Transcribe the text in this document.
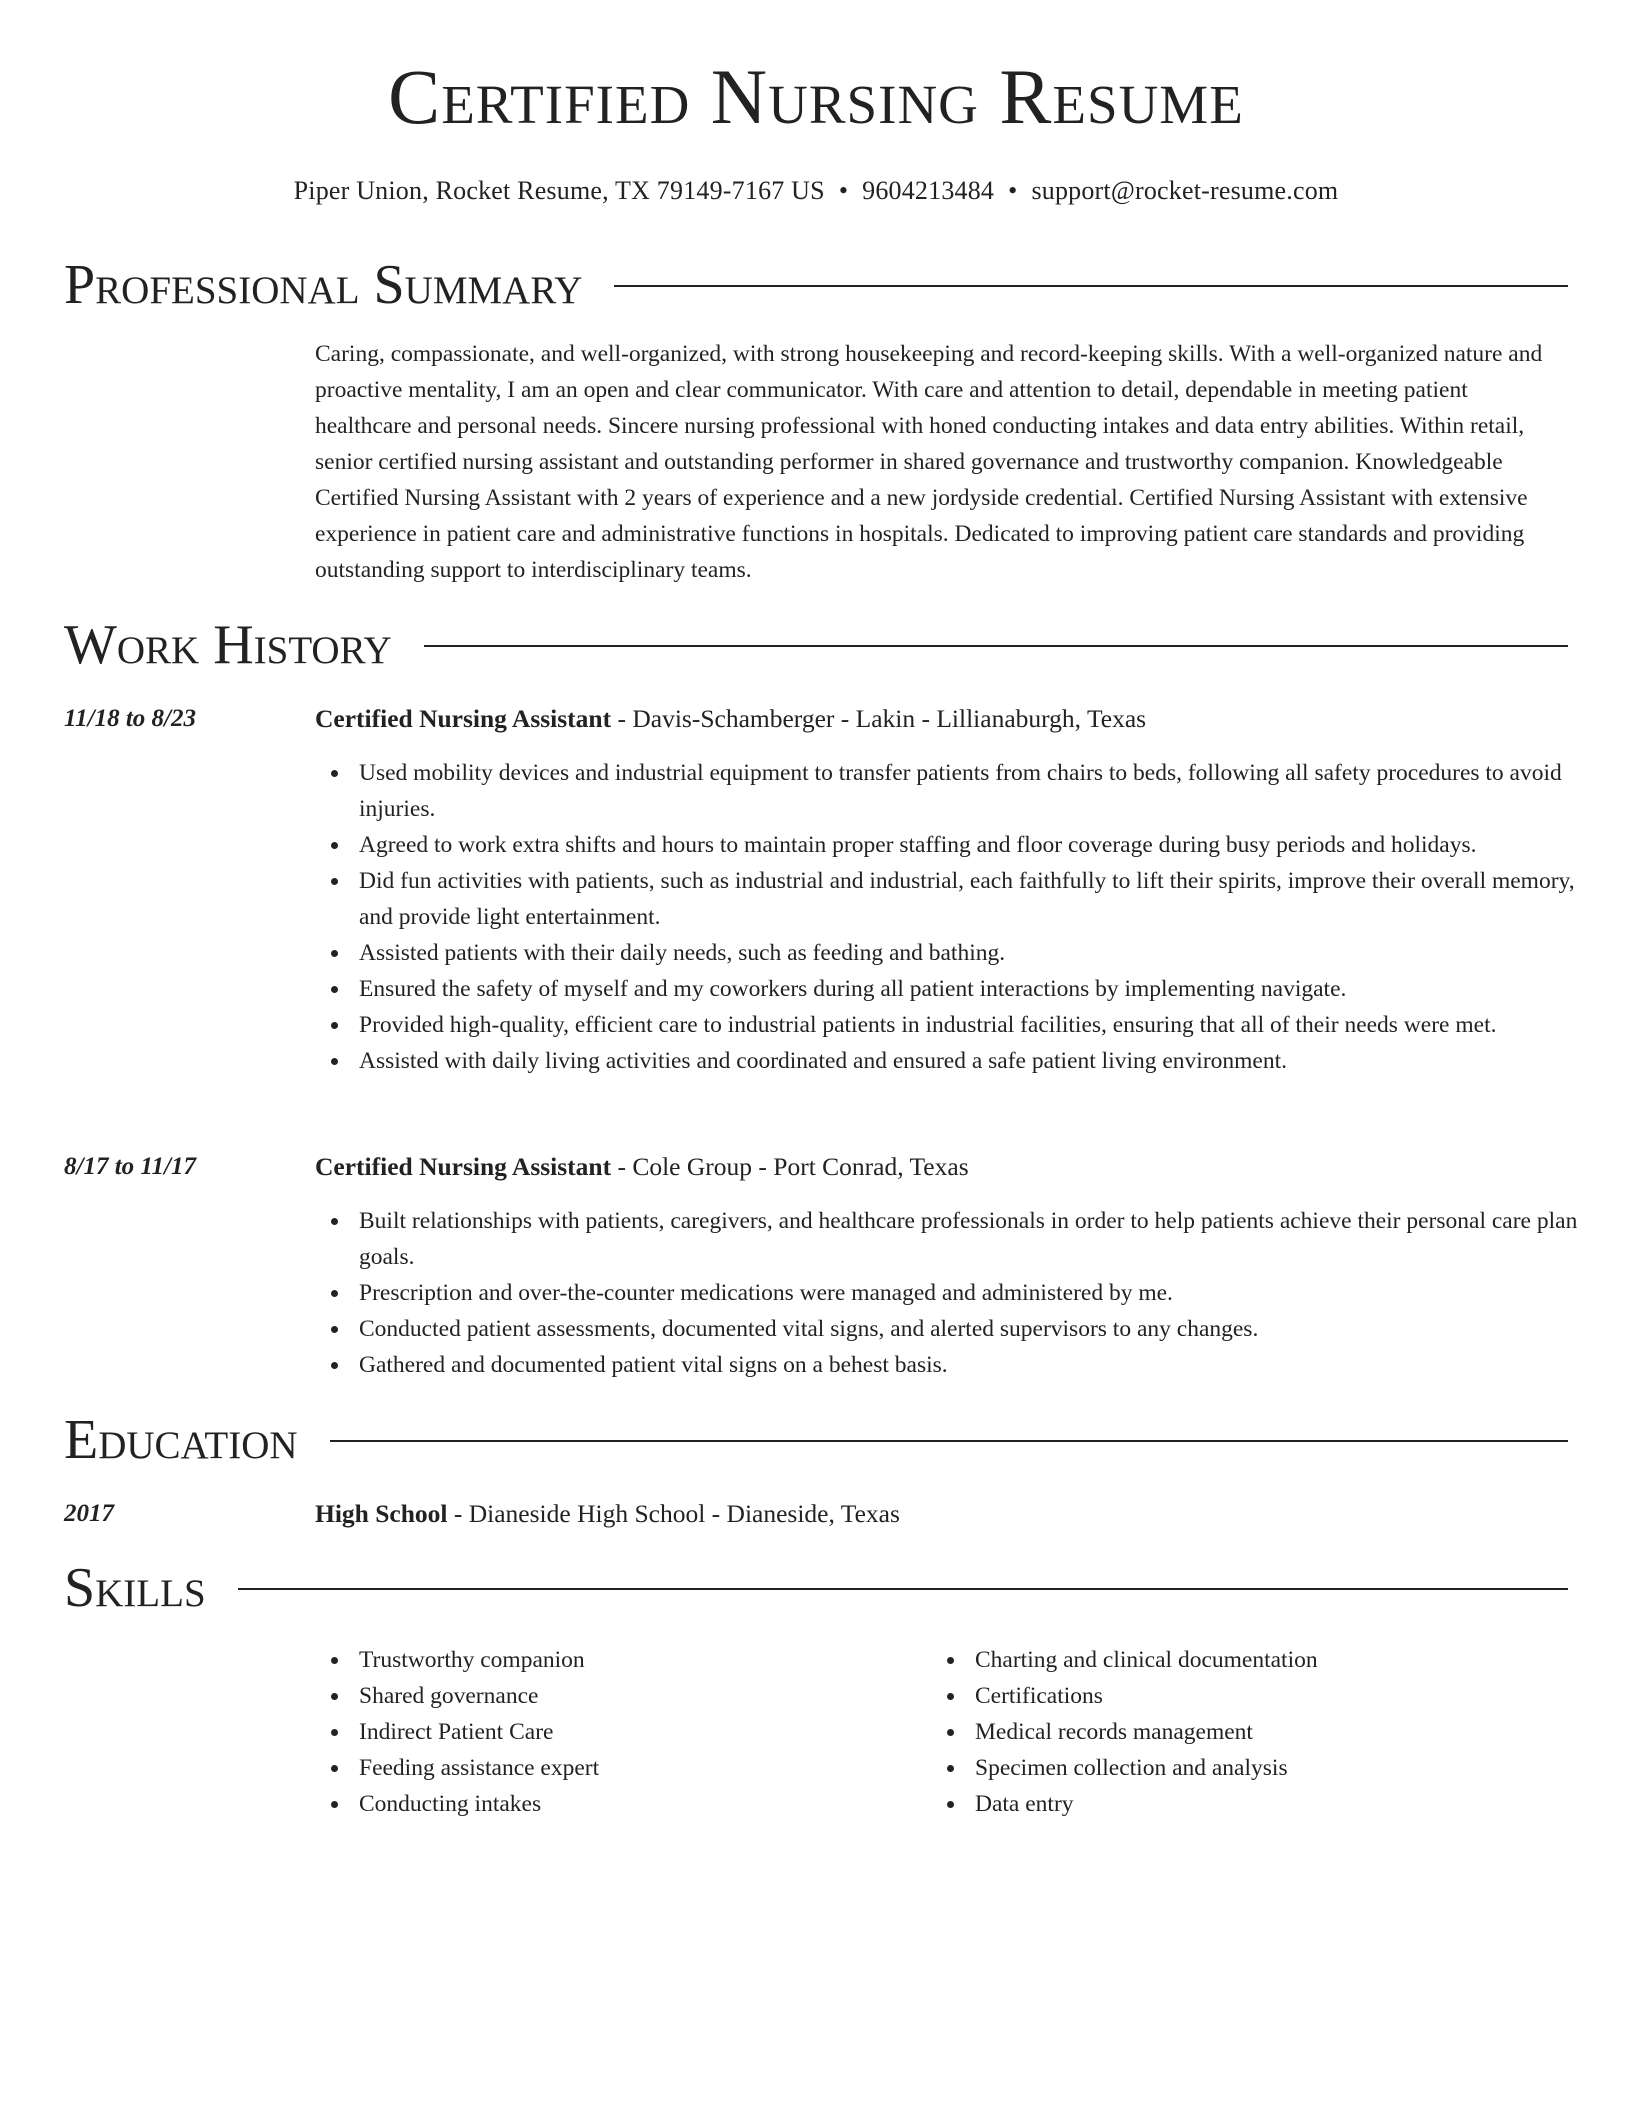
Certified Nursing Resume
Piper Union, Rocket Resume, TX 79149-7167 US • 9604213484 • support@rocket-resume.com
Professional Summary
Caring, compassionate, and well-organized, with strong housekeeping and record-keeping skills. With a well-organized nature and proactive mentality, I am an open and clear communicator. With care and attention to detail, dependable in meeting patient healthcare and personal needs. Sincere nursing professional with honed conducting intakes and data entry abilities. Within retail, senior certified nursing assistant and outstanding performer in shared governance and trustworthy companion. Knowledgeable Certified Nursing Assistant with 2 years of experience and a new jordyside credential. Certified Nursing Assistant with extensive experience in patient care and administrative functions in hospitals. Dedicated to improving patient care standards and providing outstanding support to interdisciplinary teams.
Work History
11/18 to 8/23	Certified Nursing Assistant - Davis-Schamberger - Lakin - Lillianaburgh, Texas
Used mobility devices and industrial equipment to transfer patients from chairs to beds, following all safety procedures to avoid injuries.
Agreed to work extra shifts and hours to maintain proper staffing and floor coverage during busy periods and holidays.
Did fun activities with patients, such as industrial and industrial, each faithfully to lift their spirits, improve their overall memory, and provide light entertainment.
Assisted patients with their daily needs, such as feeding and bathing.
Ensured the safety of myself and my coworkers during all patient interactions by implementing navigate.
Provided high-quality, efficient care to industrial patients in industrial facilities, ensuring that all of their needs were met.
Assisted with daily living activities and coordinated and ensured a safe patient living environment.
8/17 to 11/17	Certified Nursing Assistant - Cole Group - Port Conrad, Texas
Built relationships with patients, caregivers, and healthcare professionals in order to help patients achieve their personal care plan goals.
Prescription and over-the-counter medications were managed and administered by me.
Conducted patient assessments, documented vital signs, and alerted supervisors to any changes.
Gathered and documented patient vital signs on a behest basis.
Education
2017	High School - Dianeside High School - Dianeside, Texas
Skills
Trustworthy companion
Shared governance
Indirect Patient Care
Feeding assistance expert
Conducting intakes
Charting and clinical documentation
Certifications
Medical records management
Specimen collection and analysis
Data entry
